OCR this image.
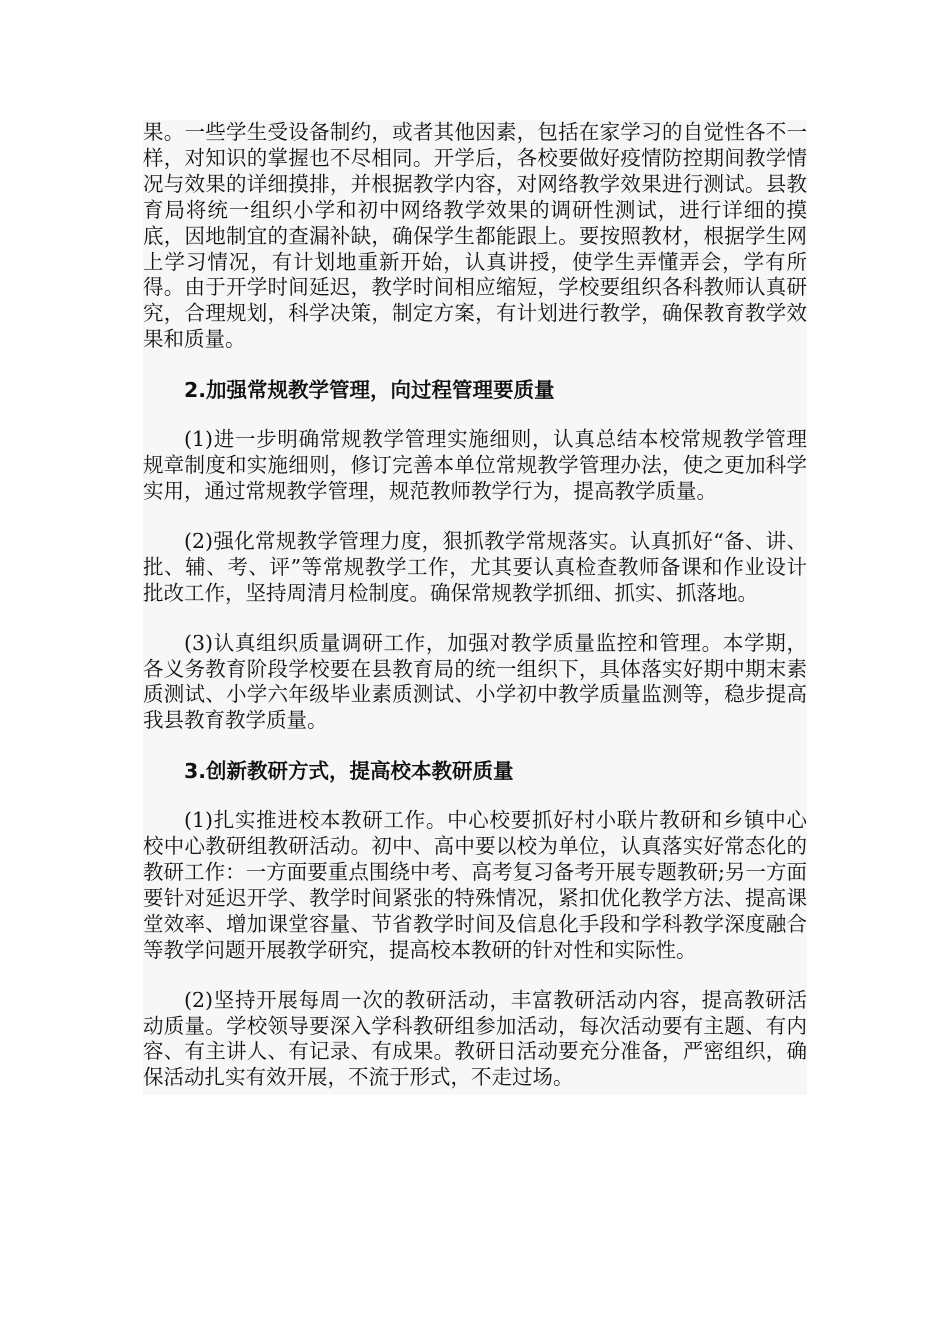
果。一些学生受设备制约，或者其他因素，包括在家学习的自觉性各不一样，对知识的掌握也不尽相同。开学后，各校要做好疫情防控期间教学情况与效果的详细摸排，并根据教学内容，对网络教学效果进行测试。县教育局将统一组织小学和初中网络教学效果的调研性测试，进行详细的摸底，因地制宜的查漏补缺，确保学生都能跟上。要按照教材，根据学生网上学习情况，有计划地重新开始，认真讲授，使学生弄懂弄会，学有所得。由于开学时间延迟，教学时间相应缩短，学校要组织各科教师认真研究，合理规划，科学决策，制定方案，有计划进行教学，确保教育教学效果和质量。

2.加强常规教学管理，向过程管理要质量

(1)进一步明确常规教学管理实施细则，认真总结本校常规教学管理规章制度和实施细则，修订完善本单位常规教学管理办法，使之更加科学实用，通过常规教学管理，规范教师教学行为，提高教学质量。

(2)强化常规教学管理力度，狠抓教学常规落实。认真抓好“备、讲、批、辅、考、评”等常规教学工作，尤其要认真检查教师备课和作业设计批改工作，坚持周清月检制度。确保常规教学抓细、抓实、抓落地。

(3)认真组织质量调研工作，加强对教学质量监控和管理。本学期，各义务教育阶段学校要在县教育局的统一组织下，具体落实好期中期末素质测试、小学六年级毕业素质测试、小学初中教学质量监测等，稳步提高我县教育教学质量。

3.创新教研方式，提高校本教研质量

(1)扎实推进校本教研工作。中心校要抓好村小联片教研和乡镇中心校中心教研组教研活动。初中、高中要以校为单位，认真落实好常态化的教研工作：一方面要重点围绕中考、高考复习备考开展专题教研;另一方面要针对延迟开学、教学时间紧张的特殊情况，紧扣优化教学方法、提高课堂效率、增加课堂容量、节省教学时间及信息化手段和学科教学深度融合等教学问题开展教学研究，提高校本教研的针对性和实际性。

(2)坚持开展每周一次的教研活动，丰富教研活动内容，提高教研活动质量。学校领导要深入学科教研组参加活动，每次活动要有主题、有内容、有主讲人、有记录、有成果。教研日活动要充分准备，严密组织，确保活动扎实有效开展，不流于形式，不走过场。
